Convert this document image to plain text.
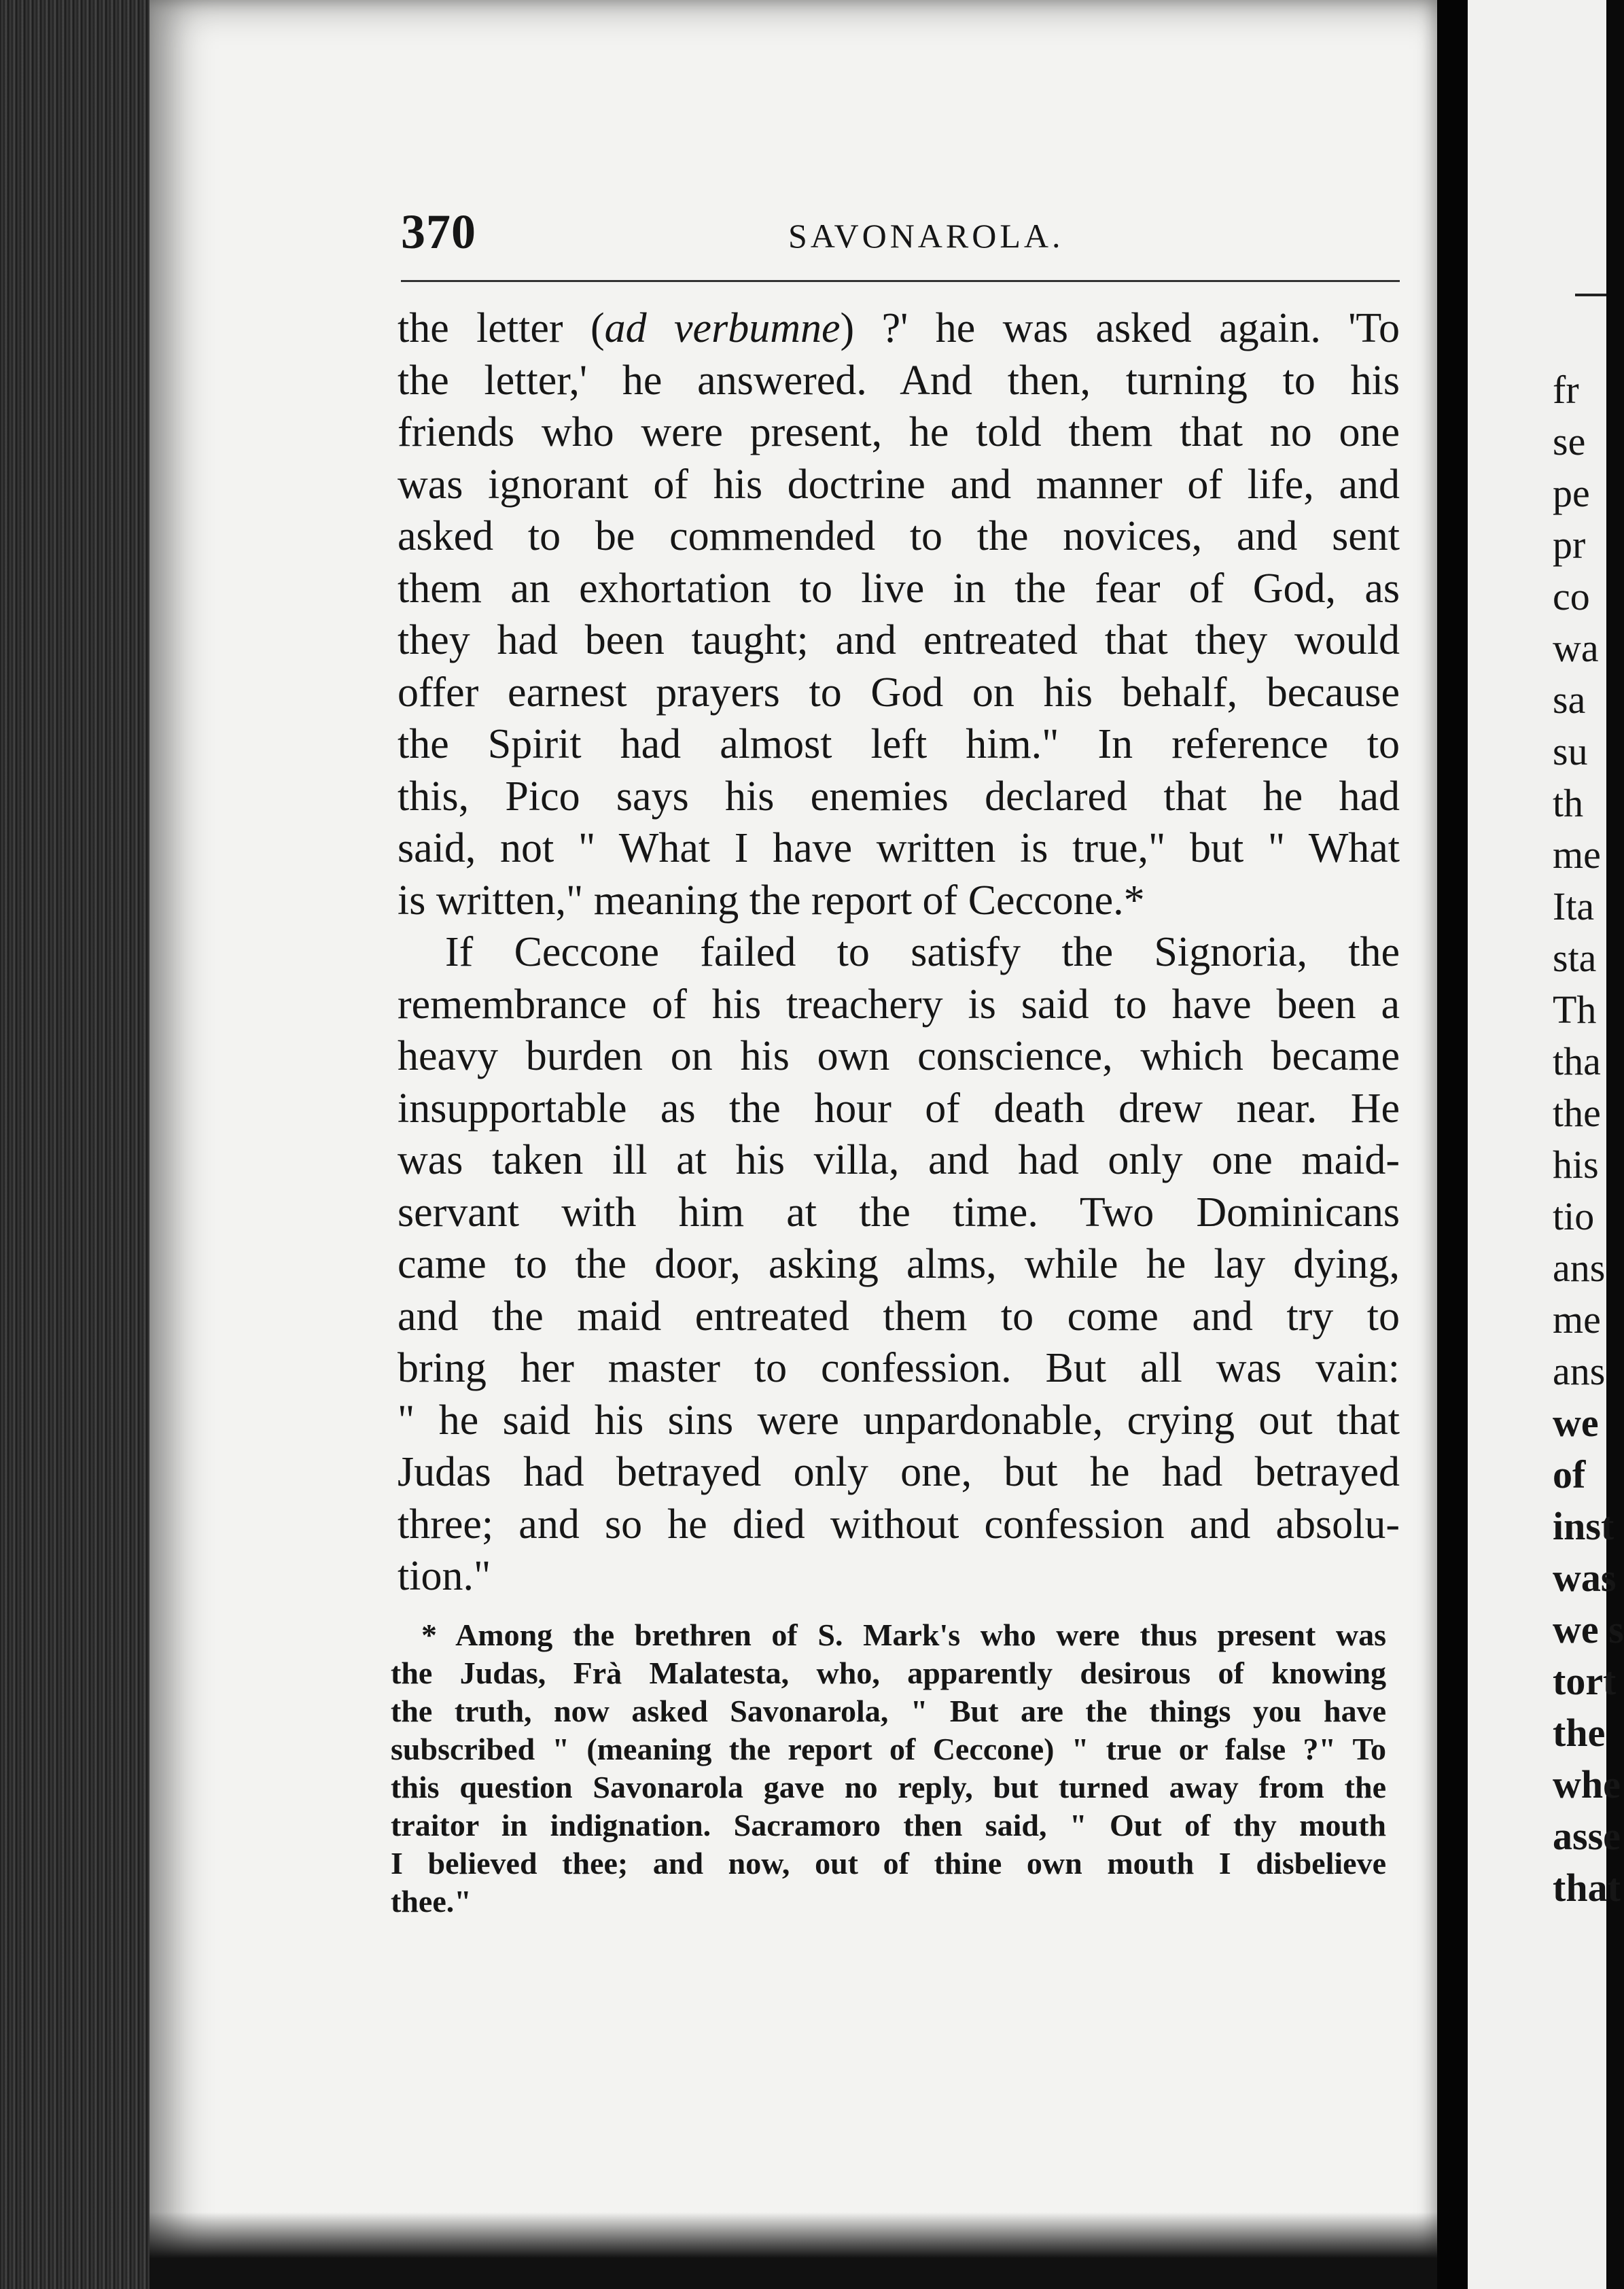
370	SAVONAROLA.
the letter (ad verbumne) ?' he was asked again. 'To
the letter,' he answered. And then, turning to his
friends who were present, he told them that no one
was ignorant of his doctrine and manner of life, and
asked to be commended to the novices, and sent
them an exhortation to live in the fear of God, as
they had been taught; and entreated that they would
offer earnest prayers to God on his behalf, because
the Spirit had almost left him." In reference to
this, Pico says his enemies declared that he had
said, not " What I have written is true," but " What
is written," meaning the report of Ceccone.*
If Ceccone failed to satisfy the Signoria, the
remembrance of his treachery is said to have been a
heavy burden on his own conscience, which became
insupportable as the hour of death drew near. He
was taken ill at his villa, and had only one maid-
servant with him at the time. Two Dominicans
came to the door, asking alms, while he lay dying,
and the maid entreated them to come and try to
bring her master to confession. But all was vain:
" he said his sins were unpardonable, crying out that
Judas had betrayed only one, but he had betrayed
three; and so he died without confession and absolu-
tion."
* Among the brethren of S. Mark's who were thus present was
the Judas, Frà Malatesta, who, apparently desirous of knowing
the truth, now asked Savonarola, " But are the things you have
subscribed " (meaning the report of Ceccone) " true or false ?" To
this question Savonarola gave no reply, but turned away from the
traitor in indignation. Sacramoro then said, " Out of thy mouth
I believed thee; and now, out of thine own mouth I disbelieve
thee."
fr
se
pe
pr
co
wa
sa
su
th
me
Ita
sta
Th
tha
the
his
tio
ans
me
ans
we
of
inst
was
we s
tort
the
whe
asse
that
